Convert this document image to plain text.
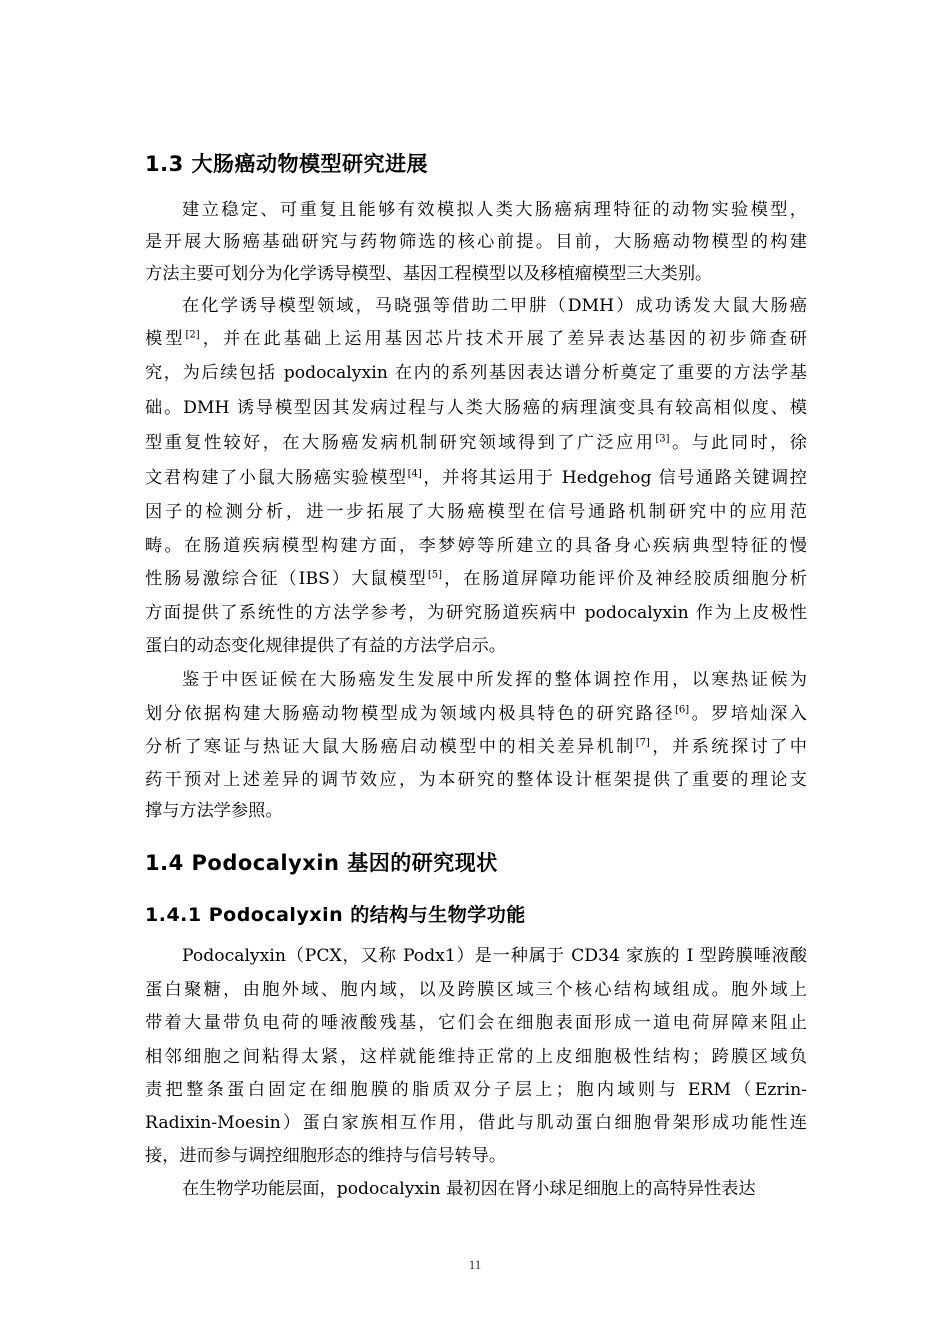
1.3 大肠癌动物模型研究进展
建立稳定、可重复且能够有效模拟人类大肠癌病理特征的动物实验模型，
是开展大肠癌基础研究与药物筛选的核心前提。目前，大肠癌动物模型的构建
方法主要可划分为化学诱导模型、基因工程模型以及移植瘤模型三大类别。
在化学诱导模型领域，马晓强等借助二甲肼（DMH）成功诱发大鼠大肠癌
模型[2]，并在此基础上运用基因芯片技术开展了差异表达基因的初步筛查研
究，为后续包括 podocalyxin 在内的系列基因表达谱分析奠定了重要的方法学基
础。DMH 诱导模型因其发病过程与人类大肠癌的病理演变具有较高相似度、模
型重复性较好，在大肠癌发病机制研究领域得到了广泛应用[3]。与此同时，徐
文君构建了小鼠大肠癌实验模型[4]，并将其运用于 Hedgehog 信号通路关键调控
因子的检测分析，进一步拓展了大肠癌模型在信号通路机制研究中的应用范
畴。在肠道疾病模型构建方面，李梦婷等所建立的具备身心疾病典型特征的慢
性肠易激综合征（IBS）大鼠模型[5]，在肠道屏障功能评价及神经胶质细胞分析
方面提供了系统性的方法学参考，为研究肠道疾病中 podocalyxin 作为上皮极性
蛋白的动态变化规律提供了有益的方法学启示。
鉴于中医证候在大肠癌发生发展中所发挥的整体调控作用，以寒热证候为
划分依据构建大肠癌动物模型成为领域内极具特色的研究路径[6]。罗培灿深入
分析了寒证与热证大鼠大肠癌启动模型中的相关差异机制[7]，并系统探讨了中
药干预对上述差异的调节效应，为本研究的整体设计框架提供了重要的理论支
撑与方法学参照。
1.4 Podocalyxin 基因的研究现状
1.4.1 Podocalyxin 的结构与生物学功能
Podocalyxin（PCX，又称 Podx1）是一种属于 CD34 家族的 I 型跨膜唾液酸
蛋白聚糖，由胞外域、胞内域，以及跨膜区域三个核心结构域组成。胞外域上
带着大量带负电荷的唾液酸残基，它们会在细胞表面形成一道电荷屏障来阻止
相邻细胞之间粘得太紧，这样就能维持正常的上皮细胞极性结构；跨膜区域负
责把整条蛋白固定在细胞膜的脂质双分子层上；胞内域则与 ERM（Ezrin-
Radixin-Moesin）蛋白家族相互作用，借此与肌动蛋白细胞骨架形成功能性连
接，进而参与调控细胞形态的维持与信号转导。
在生物学功能层面，podocalyxin 最初因在肾小球足细胞上的高特异性表达
11
